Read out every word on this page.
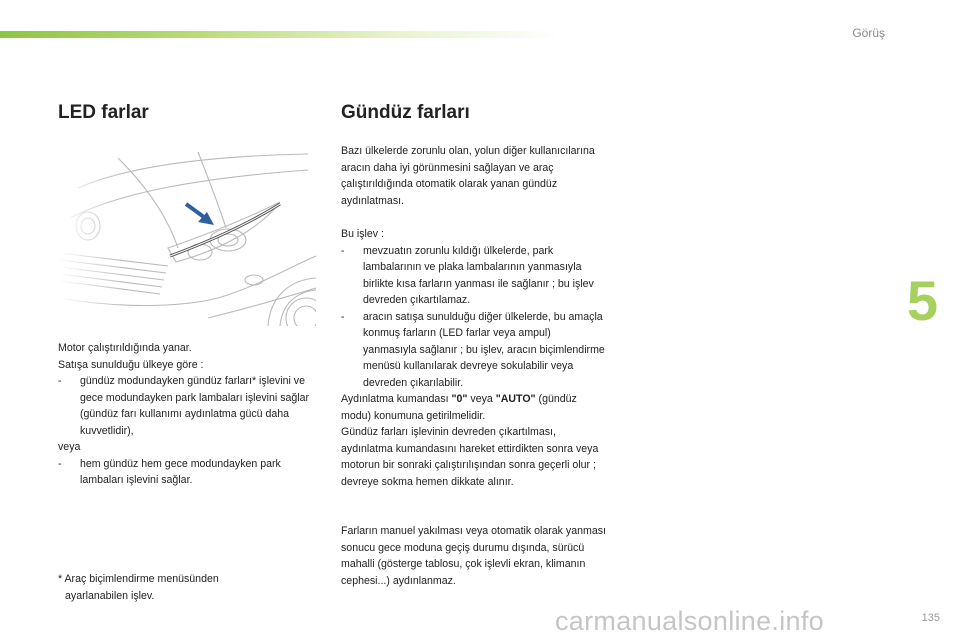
Görüş
5
LED farlar	Gündüz farları

Motor çalıştırıldığında yanar.

Satışa sunulduğu ülkeye göre :

-	gündüz modundayken gündüz farları* işlevini ve gece modundayken park lambaları işlevini sağlar (gündüz farı kullanımı aydınlatma gücü daha kuvvetlidir),

veya

-	hem gündüz hem gece modundayken park lambaları işlevini sağlar.
* Araç biçimlendirme menüsünden
ayarlanabilen işlev.
Bazı ülkelerde zorunlu olan, yolun diğer kullanıcılarına aracın daha iyi görünmesini sağlayan ve araç çalıştırıldığında otomatik olarak yanan gündüz aydınlatması.

Bu işlev :

-	mevzuatın zorunlu kıldığı ülkelerde, park lambalarının ve plaka lambalarının yanmasıyla birlikte kısa farların yanması ile sağlanır ; bu işlev devreden çıkartılamaz.
-	aracın satışa sunulduğu diğer ülkelerde, bu amaçla konmuş farların (LED farlar veya ampul) yanmasıyla sağlanır ; bu işlev, aracın biçimlendirme menüsü kullanılarak devreye sokulabilir veya devreden çıkarılabilir.

Aydınlatma kumandası "0" veya "AUTO" (gündüz modu) konumuna getirilmelidir.

Gündüz farları işlevinin devreden çıkartılması, aydınlatma kumandasını hareket ettirdikten sonra veya motorun bir sonraki çalıştırılışından sonra geçerli olur ; devreye sokma hemen dikkate alınır.

Farların manuel yakılması veya otomatik olarak yanması sonucu gece moduna geçiş durumu dışında, sürücü mahalli (gösterge tablosu, çok işlevli ekran, klimanın cephesi...) aydınlanmaz.
carmanualsonline.info	135
